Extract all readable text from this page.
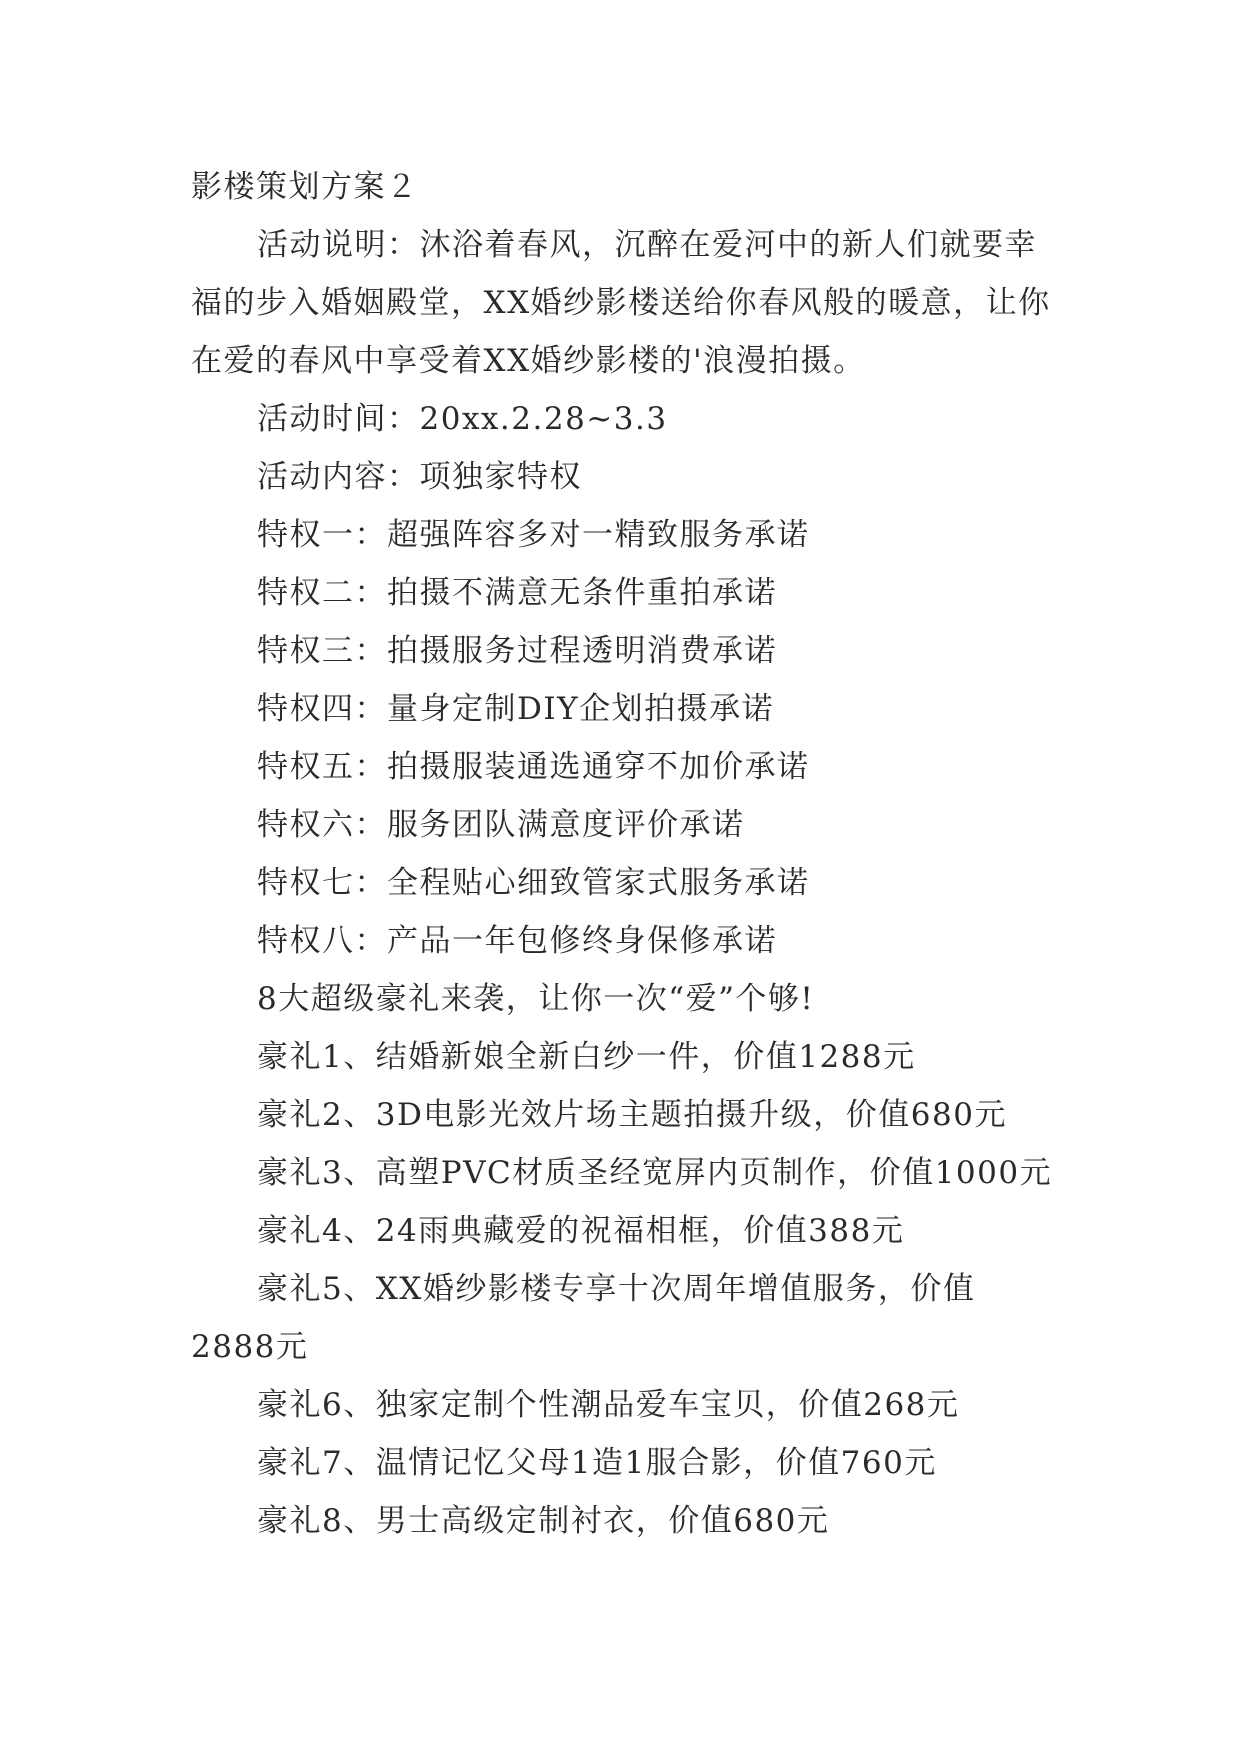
影楼策划方案２

活动说明：沐浴着春风，沉醉在爱河中的新人们就要幸福的步入婚姻殿堂，XX婚纱影楼送给你春风般的暖意，让你在爱的春风中享受着XX婚纱影楼的'浪漫拍摄。

活动时间：20xx.2.28~3.3

活动内容：项独家特权

特权一：超强阵容多对一精致服务承诺

特权二：拍摄不满意无条件重拍承诺

特权三：拍摄服务过程透明消费承诺

特权四：量身定制DIY企划拍摄承诺

特权五：拍摄服装通选通穿不加价承诺

特权六：服务团队满意度评价承诺

特权七：全程贴心细致管家式服务承诺

特权八：产品一年包修终身保修承诺

8大超级豪礼来袭，让你一次“爱”个够!

豪礼1、结婚新娘全新白纱一件，价值1288元

豪礼2、3D电影光效片场主题拍摄升级，价值680元

豪礼3、高塑PVC材质圣经宽屏内页制作，价值1000元

豪礼4、24雨典藏爱的祝福相框，价值388元

豪礼5、XX婚纱影楼专享十次周年增值服务，价值2888元

豪礼6、独家定制个性潮品爱车宝贝，价值268元

豪礼7、温情记忆父母1造1服合影，价值760元

豪礼8、男士高级定制衬衣，价值680元
